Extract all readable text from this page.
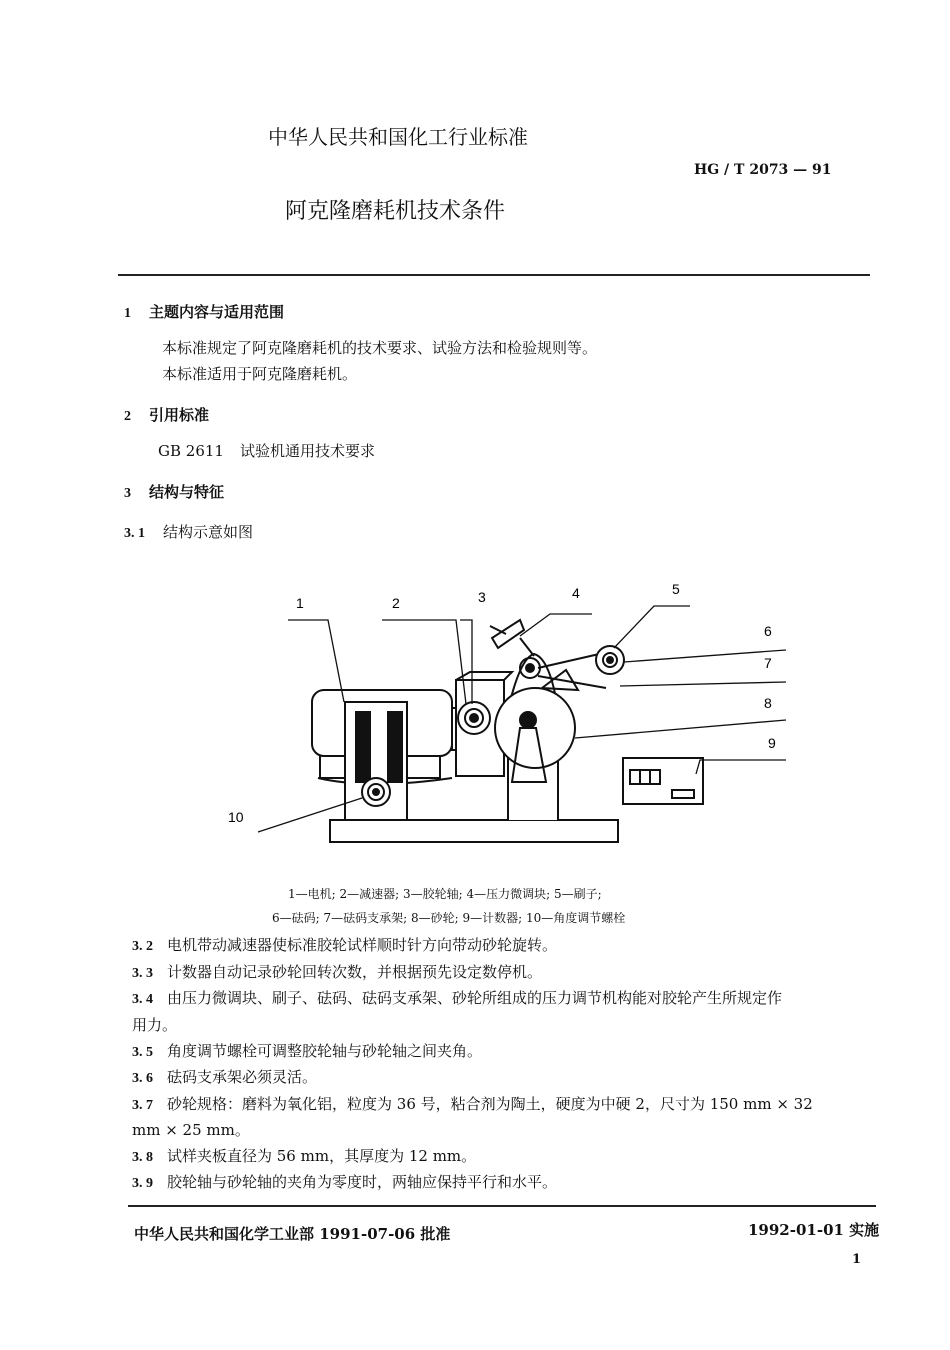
中华人民共和国化工行业标准
HG / T 2073 — 91
阿克隆磨耗机技术条件
1 主题内容与适用范围
本标准规定了阿克隆磨耗机的技术要求、试验方法和检验规则等。
本标准适用于阿克隆磨耗机。
2 引用标准
GB 2611 试验机通用技术要求
3 结构与特征
3. 1 结构示意如图
1	2	3	4	5
6
7
8
9
10
1—电机; 2—减速器; 3—胶轮轴; 4—压力微调块; 5—刷子;
6—砝码; 7—砝码支承架; 8—砂轮; 9—计数器; 10—角度调节螺栓
3. 2 电机带动减速器使标准胶轮试样顺时针方向带动砂轮旋转。
3. 3 计数器自动记录砂轮回转次数，并根据预先设定数停机。
3. 4 由压力微调块、刷子、砝码、砝码支承架、砂轮所组成的压力调节机构能对胶轮产生所规定作
用力。
3. 5 角度调节螺栓可调整胶轮轴与砂轮轴之间夹角。
3. 6 砝码支承架必须灵活。
3. 7 砂轮规格：磨料为氧化铝，粒度为 36 号，粘合剂为陶土，硬度为中硬 2，尺寸为 150 mm × 32
mm × 25 mm。
3. 8 试样夹板直径为 56 mm，其厚度为 12 mm。
3. 9 胶轮轴与砂轮轴的夹角为零度时，两轴应保持平行和水平。
中华人民共和国化学工业部 1991-07-06 批准	1992-01-01 实施
1
